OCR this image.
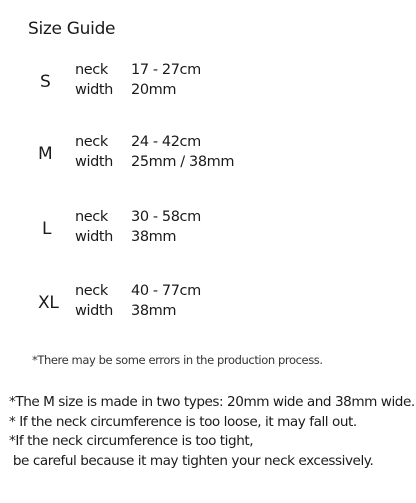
Size Guide
S
neck 17 - 27cm
width 20mm
M
neck 24 - 42cm
width 25mm / 38mm
L
neck 30 - 58cm
width 38mm
XL
neck 40 - 77cm
width 38mm
*There may be some errors in the production process.
*The M size is made in two types: 20mm wide and 38mm wide.
* If the neck circumference is too loose, it may fall out.
*If the neck circumference is too tight,
be careful because it may tighten your neck excessively.
